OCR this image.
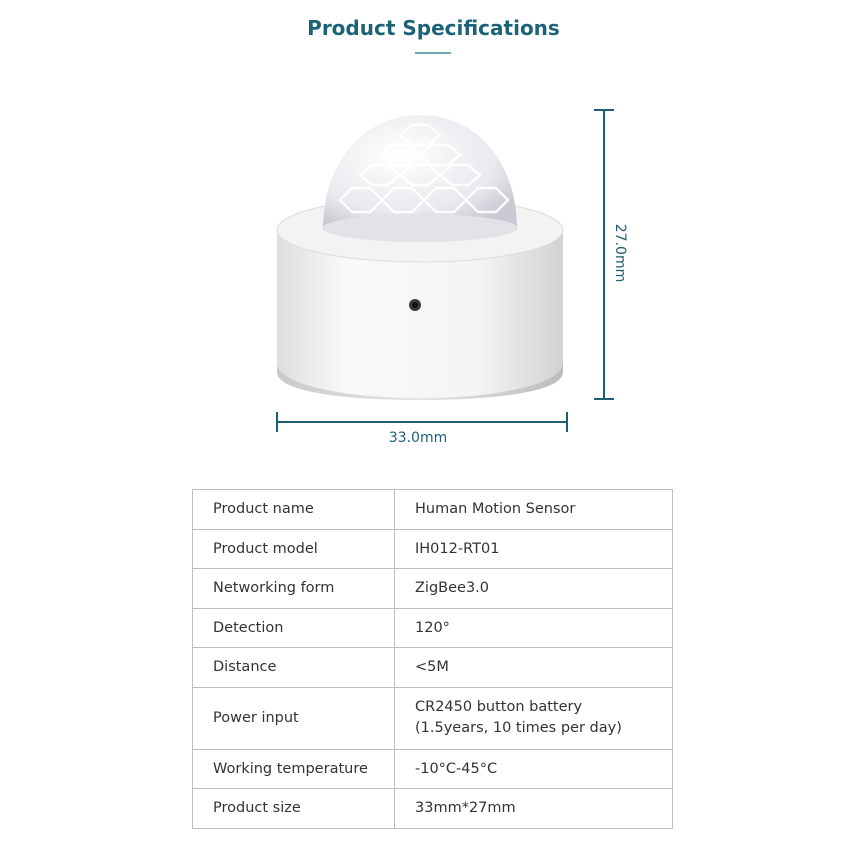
Product Specifications
33.0mm
27.0mm
Product name	Human Motion Sensor
Product model	IH012-RT01
Networking form	ZigBee3.0
Detection	120°
Distance	<5M
Power input	CR2450 button battery
(1.5years, 10 times per day)

Working temperature	-10°C-45°C
Product size	33mm*27mm
